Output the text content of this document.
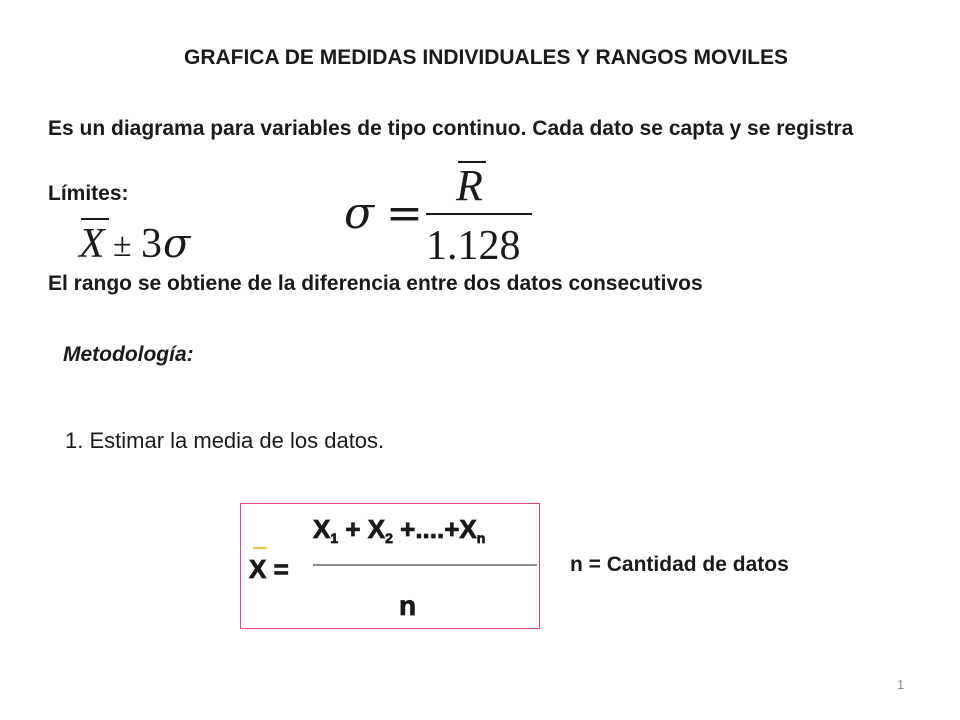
GRAFICA DE MEDIDAS INDIVIDUALES Y RANGOS MOVILES
Es un diagrama para variables de tipo continuo. Cada dato se capta y se registra
Límites:	σ =
R
1.128
X ± 3 σ
El rango se obtiene de la diferencia entre dos datos consecutivos
Metodología:
1. Estimar la media de los datos.
X =
X1 + X2 +....+Xn
n
n = Cantidad de datos
1
